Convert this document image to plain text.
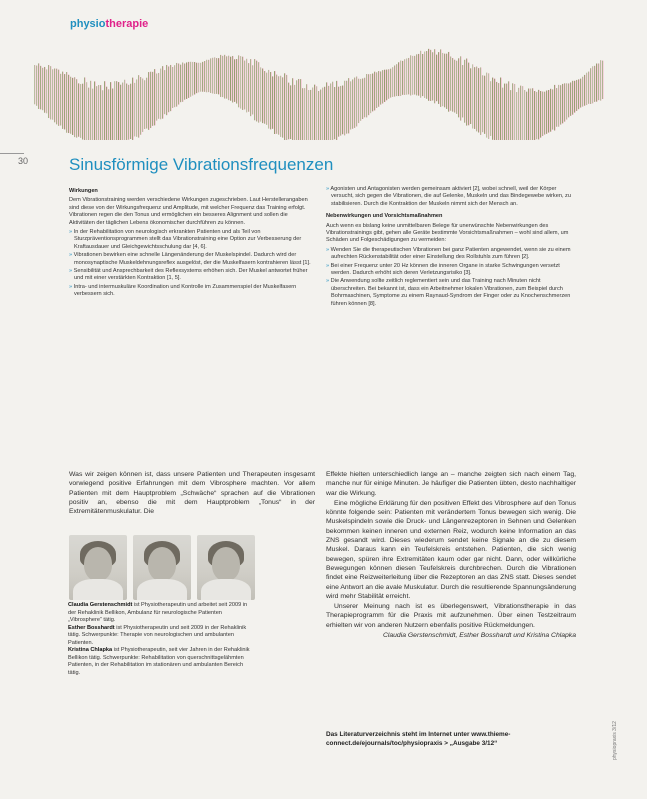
physiotherapie
30 Sinusförmige Vibrationsfrequenzen

Wirkungen

Dem Vibrationstraining werden verschiedene Wirkungen zugeschrieben. Laut Herstellerangaben sind diese von der Wirkungsfrequenz und Amplitude, mit welcher Frequenz das Training erfolgt. Vibrationen regen die den Tonus und ermöglichen ein besseres Alignment und sollen die Aktivitäten der täglichen Lebens ökonomischer durchführen zu können.

» In der Rehabilitation von neurologisch erkrankten Patienten und als Teil von Sturzpräventionsprogrammen stellt das Vibrationstraining eine Option zur Verbesserung der Kraftausdauer und Gleichgewichtsschulung dar [4, 6].
» Vibrationen bewirken eine schnelle Längenänderung der Muskelspindel. Dadurch wird der monosynaptische Muskeldehnungsreflex ausgelöst, der die Muskelfasern kontrahieren lässt [1].
» Sensibilität und Ansprechbarkeit des Reflexsystems erhöhen sich. Der Muskel antwortet früher und mit einer verstärkten Kontraktion [1, 5].
» Intra- und intermuskuläre Koordination und Kontrolle im Zusammenspiel der Muskelfasern verbessern sich.
» Agonisten und Antagonisten werden gemeinsam aktiviert [2], wobei schnell, weil der Körper versucht, sich gegen die Vibrationen, die auf Gelenke, Muskeln und das Bindegewebe wirken, zu stabilisieren. Durch die Kontraktion der Muskeln nimmt sich der Mensch an.

Nebenwirkungen und Vorsichtsmaßnahmen

Auch wenn es bislang keine unmittelbaren Belege für unerwünschte Nebenwirkungen des Vibrationstrainings gibt, gehen alle Geräte bestimmte Vorsichtsmaßnahmen – wohl sind allem, um Schäden und Folgeschädigungen zu vermeiden:

» Wenden Sie die therapeutischen Vibrationen bei ganz Patienten angewendet, wenn sie zu einem aufrechten Rückenstabilität oder einer Einstellung des Rollstuhls zum führen [2].
» Bei einer Frequenz unter 20 Hz können die inneren Organe in starke Schwingungen versetzt werden. Dadurch erhöht sich deren Verletzungsrisiko [3].
» Die Anwendung sollte zeitlich reglementiert sein und das Training nach Minuten nicht überschreiten. Bei bekannt ist, dass ein Arbeitnehmer lokalen Vibrationen, zum Beispiel durch Bohrmaschinen, Symptome zu einem Raynaud-Syndrom der Finger oder zu Knochenschmerzen führen können [8].

Was wir zeigen können ist, dass unsere Patienten und Therapeuten insgesamt vorwiegend positive Erfahrungen mit dem Vibrosphere machten. Vor allem Patienten mit dem Hauptproblem „Schwäche“ sprachen auf die Vibrationen positiv an, ebenso die mit dem Hauptproblem „Tonus“ in der Extremitätenmuskulatur. Die

Effekte hielten unterschiedlich lange an – manche zeigten sich nach einem Tag, manche nur für einige Minuten. Je häufiger die Patienten übten, desto nachhaltiger war die Wirkung.

Eine mögliche Erklärung für den positiven Effekt des Vibrosphere auf den Tonus könnte folgende sein: Patienten mit verändertem Tonus bewegen sich wenig. Die Muskelspindeln sowie die Druck- und Längenrezeptoren in Sehnen und Gelenken bekommen keinen inneren und externen Reiz, wodurch keine Information an das ZNS gesandt wird. Dieses wiederum sendet keine Signale an die zu diesem Muskel. Daraus kann ein Teufelskreis entstehen. Patienten, die sich wenig bewegen, spüren ihre Extremitäten kaum oder gar nicht. Dann, oder willkürliche Bewegungen können diesen Teufelskreis durchbrechen. Durch die Vibrationen findet eine Reizweiterleitung über die Rezeptoren an das ZNS statt. Dieses sendet eine Antwort an die avale Muskulatur. Durch die resultierende Spannungsänderung wird mehr Stabilität erreicht.

Unserer Meinung nach ist es überlegenswert, Vibrationstherapie in das Therapieprogramm für die Praxis mit aufzunehmen. Über einen Testzeitraum erhielten wir von anderen Nutzern ebenfalls positive Rückmeldungen.

Claudia Gerstenschmidt, Esther Bosshardt und Kristina Chlapka

Claudia Gerstenschmidt ist Physiotherapeutin und arbeitet seit 2009 in der Rehaklinik Bellikon, Ambulanz für neurologische Patienten „Vibrosphere“ tätig.
Esther Bosshardt ist Physiotherapeutin und seit 2009 in der Rehaklinik tätig. Schwerpunkte: Therapie von neurologischen und ambulanten Patienten.
Kristina Chlapka ist Physiotherapeutin, seit vier Jahren in der Rehaklinik Bellikon tätig. Schwerpunkte: Rehabilitation von querschnittsgelähmten Patienten, in der Rehabilitation im stationären und ambulanten Bereich tätig.
Das Literaturverzeichnis steht im Internet unter www.thieme-connect.de/ejournals/toc/physiopraxis > „Ausgabe 3/12“	physiopraxis 3/12
